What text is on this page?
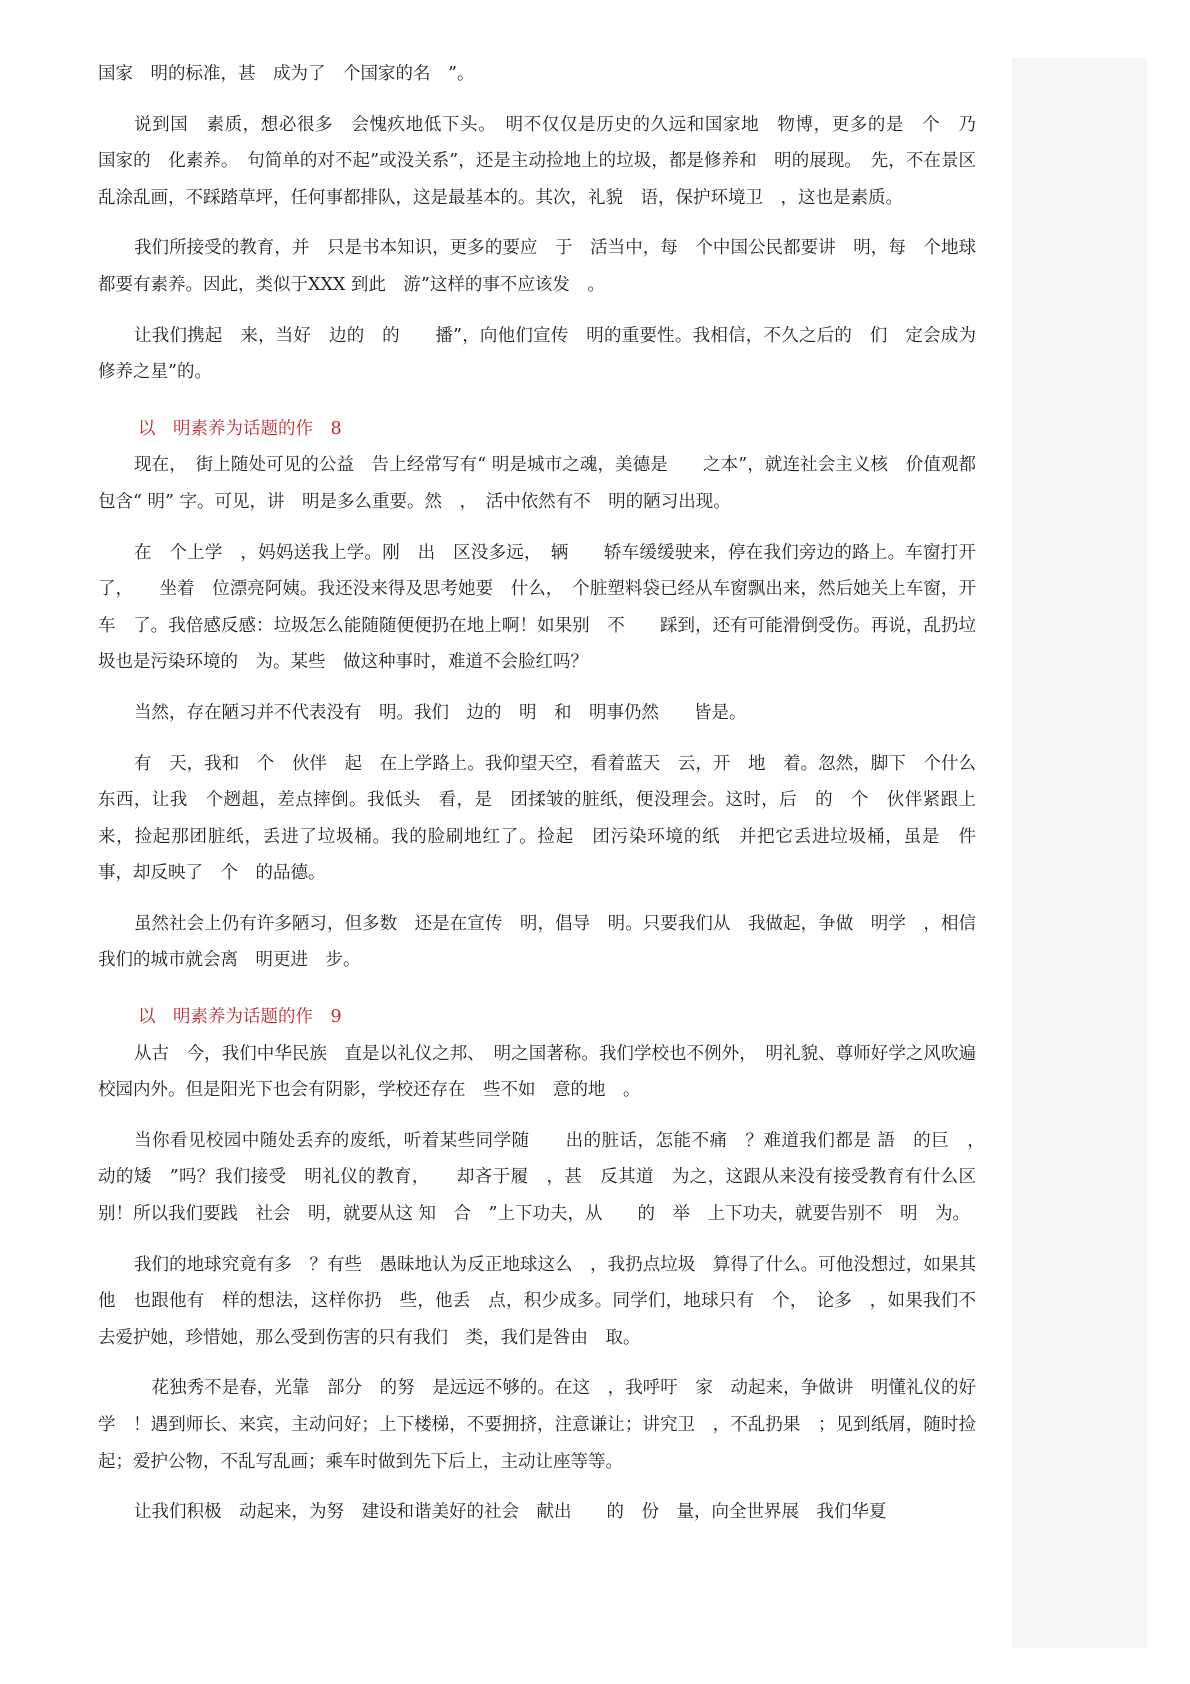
国家　明的标准，甚　成为了　个国家的名　”。

说到国　素质，想必很多　会愧疚地低下头。　明不仅仅是历史的久远和国家地　物博，更多的是　个　乃　国家的　化素养。　句简单的对不起”或没关系”，还是主动捡地上的垃圾，都是修养和　明的展现。　先，不在景区乱涂乱画，不踩踏草坪，任何事都排队，这是最基本的。其次，礼貌　语，保护环境卫　，这也是素质。

我们所接受的教育，并　只是书本知识，更多的要应　于　活当中，每　个中国公民都要讲　明，每　个地球　都要有素养。因此，类似于XXX 到此　游”这样的事不应该发　。

让我们携起　来，当好　边的　的　　播”，向他们宣传　明的重要性。我相信，不久之后的　们　定会成为修养之星”的。

以　明素养为话题的作　8

现在，　街上随处可见的公益　告上经常写有“ 明是城市之魂，美德是　　之本”，就连社会主义核　价值观都包含“ 明” 字。可见，讲　明是多么重要。然　，　活中依然有不　明的陋习出现。

在　个上学　，妈妈送我上学。刚　出　区没多远，　辆　　轿车缓缓驶来，停在我们旁边的路上。车窗打开了，　　坐着　位漂亮阿姨。我还没来得及思考她要　什么，　个脏塑料袋已经从车窗飘出来，然后她关上车窗，开车　了。我倍感反感：垃圾怎么能随随便便扔在地上啊！如果别　不　　踩到，还有可能滑倒受伤。再说，乱扔垃圾也是污染环境的　为。某些　做这种事时，难道不会脸红吗？

当然，存在陋习并不代表没有　明。我们　边的　明　和　明事仍然　　皆是。

有　天，我和　个　伙伴　起　在上学路上。我仰望天空，看着蓝天　云，开　地　着。忽然，脚下　个什么东西，让我　个趔趄，差点摔倒。我低头　看，是　团揉皱的脏纸，便没理会。这时，后　的　个　伙伴紧跟上来，捡起那团脏纸，丢进了垃圾桶。我的脸刷地红了。捡起　团污染环境的纸　并把它丢进垃圾桶，虽是　件　事，却反映了　个　的品德。

虽然社会上仍有许多陋习，但多数　还是在宣传　明，倡导　明。只要我们从　我做起，争做　明学　，相信我们的城市就会离　明更进　步。

以　明素养为话题的作　9

从古　今，我们中华民族　直是以礼仪之邦、　明之国著称。我们学校也不例外，　明礼貌、尊师好学之风吹遍校园内外。但是阳光下也会有阴影，学校还存在　些不如　意的地　。

当你看见校园中随处丢弃的废纸，听着某些同学随　　出的脏话，怎能不痛　？难道我们都是 語　的巨　，　动的矮　”吗？我们接受　明礼仪的教育，　　却吝于履　，甚　反其道　为之，这跟从来没有接受教育有什么区别！所以我们要践　社会　明，就要从这 知　合　”上下功夫，从　　的　举　上下功夫，就要告别不　明　为。

我们的地球究竟有多　？有些　愚昧地认为反正地球这么　，我扔点垃圾　算得了什么。可他没想过，如果其他　也跟他有　样的想法，这样你扔　些，他丢　点，积少成多。同学们，地球只有　个，　论多　，如果我们不去爱护她，珍惜她，那么受到伤害的只有我们　类，我们是咎由　取。

　花独秀不是春，光靠　部分　的努　是远远不够的。在这　，我呼吁　家　动起来，争做讲　明懂礼仪的好学　！遇到师长、来宾，主动问好；上下楼梯，不要拥挤，注意谦让；讲究卫　，不乱扔果　；见到纸屑，随时捡起；爱护公物，不乱写乱画；乘车时做到先下后上，主动让座等等。

让我们积极　动起来，为努　建设和谐美好的社会　献出　　的　份　量，向全世界展　我们华夏
